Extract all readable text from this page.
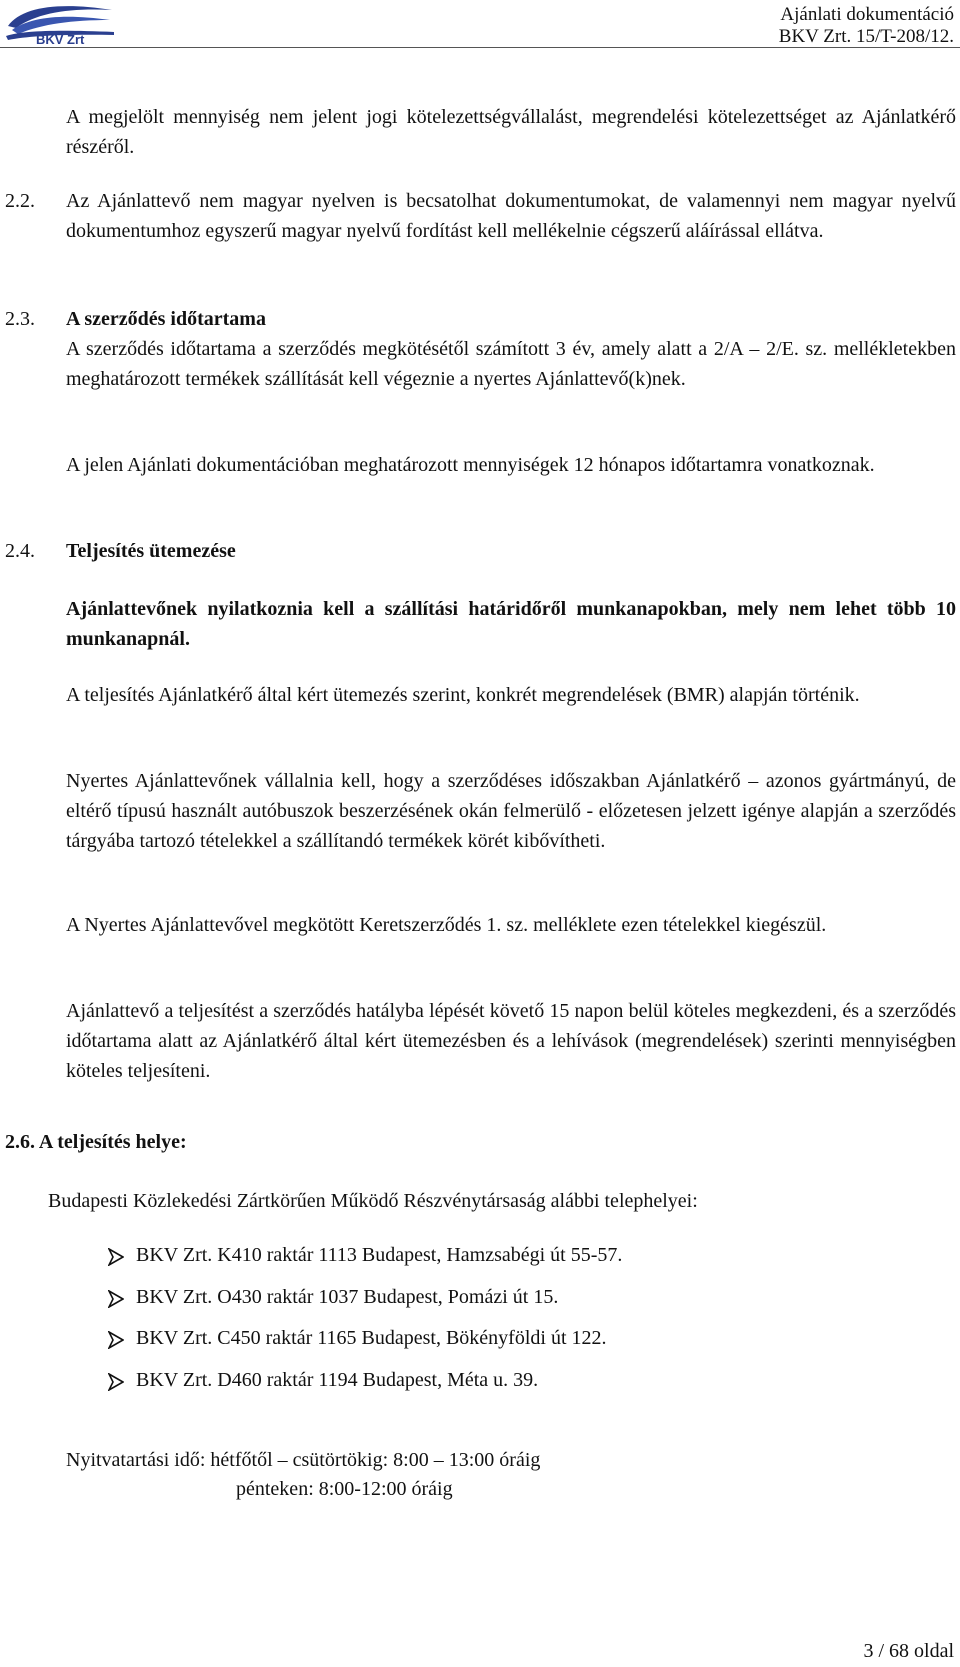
BKV Zrt
Ajánlati dokumentáció
BKV Zrt. 15/T-208/12.
A megjelölt mennyiség nem jelent jogi kötelezettségvállalást, megrendelési kötelezettséget az Ajánlatkérő részéről.
2.2. Az Ajánlattevő nem magyar nyelven is becsatolhat dokumentumokat, de valamennyi nem magyar nyelvű dokumentumhoz egyszerű magyar nyelvű fordítást kell mellékelnie cégszerű aláírással ellátva.
2.3. A szerződés időtartama
A szerződés időtartama a szerződés megkötésétől számított 3 év, amely alatt a 2/A – 2/E. sz. mellékletekben meghatározott termékek szállítását kell végeznie a nyertes Ajánlattevő(k)nek.
A jelen Ajánlati dokumentációban meghatározott mennyiségek 12 hónapos időtartamra vonatkoznak.
2.4. Teljesítés ütemezése
Ajánlattevőnek nyilatkoznia kell a szállítási határidőről munkanapokban, mely nem lehet több 10 munkanapnál.
A teljesítés Ajánlatkérő által kért ütemezés szerint, konkrét megrendelések (BMR) alapján történik.
Nyertes Ajánlattevőnek vállalnia kell, hogy a szerződéses időszakban Ajánlatkérő – azonos gyártmányú, de eltérő típusú használt autóbuszok beszerzésének okán felmerülő - előzetesen jelzett igénye alapján a szerződés tárgyába tartozó tételekkel a szállítandó termékek körét kibővítheti.
A Nyertes Ajánlattevővel megkötött Keretszerződés 1. sz. melléklete ezen tételekkel kiegészül.
Ajánlattevő a teljesítést a szerződés hatályba lépését követő 15 napon belül köteles megkezdeni, és a szerződés időtartama alatt az Ajánlatkérő által kért ütemezésben és a lehívások (megrendelések) szerinti mennyiségben köteles teljesíteni.
2.6. A teljesítés helye:
Budapesti Közlekedési Zártkörűen Működő Részvénytársaság alábbi telephelyei:
BKV Zrt. K410 raktár 1113 Budapest, Hamzsabégi út 55-57.
BKV Zrt. O430 raktár 1037 Budapest, Pomázi út 15.
BKV Zrt. C450 raktár 1165 Budapest, Bökényföldi út 122.
BKV Zrt. D460 raktár 1194 Budapest, Méta u. 39.
Nyitvatartási idő: hétfőtől – csütörtökig: 8:00 – 13:00 óráig
pénteken: 8:00-12:00 óráig
3 / 68 oldal
